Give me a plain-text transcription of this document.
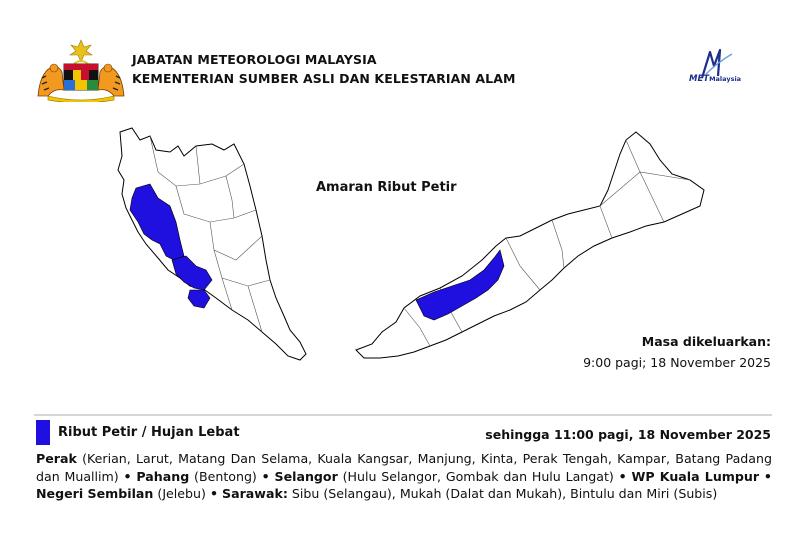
JABATAN METEOROLOGI MALAYSIA
KEMENTERIAN SUMBER ASLI DAN KELESTARIAN ALAM	METMalaysia
Amaran Ribut Petir
Masa dikeluarkan:
9:00 pagi; 18 November 2025
Ribut Petir / Hujan Lebat	sehingga 11:00 pagi, 18 November 2025
Perak (Kerian, Larut, Matang Dan Selama, Kuala Kangsar, Manjung, Kinta, Perak Tengah, Kampar, Batang Padang dan Muallim) • Pahang (Bentong) • Selangor (Hulu Selangor, Gombak dan Hulu Langat) • WP Kuala Lumpur • Negeri Sembilan (Jelebu) • Sarawak: Sibu (Selangau), Mukah (Dalat dan Mukah), Bintulu dan Miri (Subis)
